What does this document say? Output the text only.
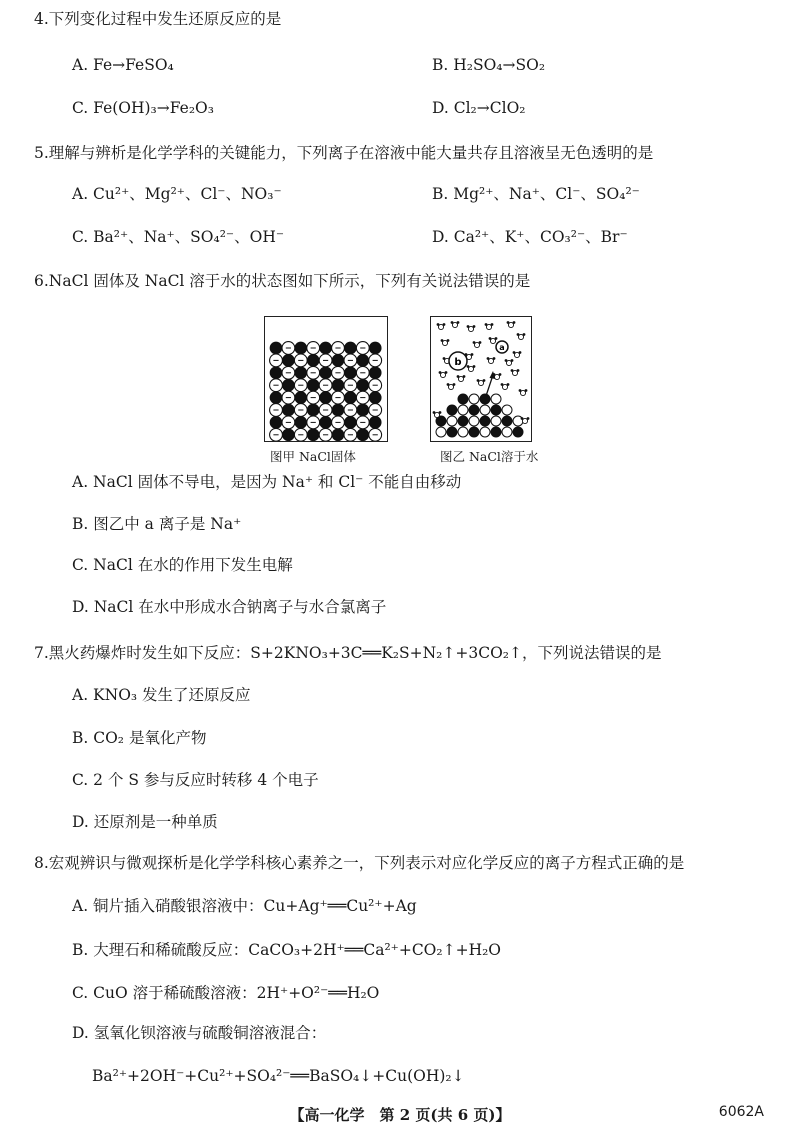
4.下列变化过程中发生还原反应的是
A. Fe→FeSO₄	B. H₂SO₄→SO₂
C. Fe(OH)₃→Fe₂O₃	D. Cl₂→ClO₂
5.理解与辨析是化学学科的关键能力，下列离子在溶液中能大量共存且溶液呈无色透明的是
A. Cu²⁺、Mg²⁺、Cl⁻、NO₃⁻	B. Mg²⁺、Na⁺、Cl⁻、SO₄²⁻
C. Ba²⁺、Na⁺、SO₄²⁻、OH⁻	D. Ca²⁺、K⁺、CO₃²⁻、Br⁻
6.NaCl 固体及 NaCl 溶于水的状态图如下所示，下列有关说法错误的是
图甲 NaCl固体
b
a
图乙 NaCl溶于水
A. NaCl 固体不导电，是因为 Na⁺ 和 Cl⁻ 不能自由移动
B. 图乙中 a 离子是 Na⁺
C. NaCl 在水的作用下发生电解
D. NaCl 在水中形成水合钠离子与水合氯离子
7.黑火药爆炸时发生如下反应：S+2KNO₃+3C══K₂S+N₂↑+3CO₂↑，下列说法错误的是
A. KNO₃ 发生了还原反应
B. CO₂ 是氧化产物
C. 2 个 S 参与反应时转移 4 个电子
D. 还原剂是一种单质
8.宏观辨识与微观探析是化学学科核心素养之一，下列表示对应化学反应的离子方程式正确的是
A. 铜片插入硝酸银溶液中：Cu+Ag⁺══Cu²⁺+Ag
B. 大理石和稀硫酸反应：CaCO₃+2H⁺══Ca²⁺+CO₂↑+H₂O
C. CuO 溶于稀硫酸溶液：2H⁺+O²⁻══H₂O
D. 氢氧化钡溶液与硫酸铜溶液混合：
Ba²⁺+2OH⁻+Cu²⁺+SO₄²⁻══BaSO₄↓+Cu(OH)₂↓
【高一化学　第 2 页(共 6 页)】	6062A
